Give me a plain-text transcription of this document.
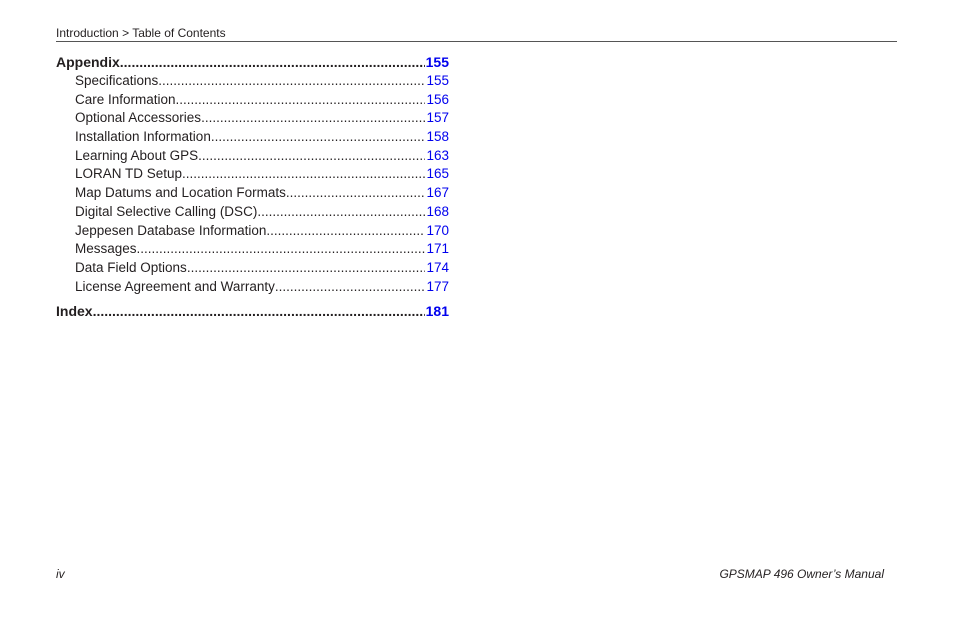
Introduction > Table of Contents
Appendix .....	155
Specifications .....	155
Care Information .....	156
Optional Accessories .....	157
Installation Information .....	158
Learning About GPS .....	163
LORAN TD Setup .....	165
Map Datums and Location Formats .....	167
Digital Selective Calling (DSC) .....	168
Jeppesen Database Information .....	170
Messages .....	171
Data Field Options .....	174
License Agreement and Warranty .....	177
Index .....	181
iv	GPSMAP 496 Owner’s Manual
